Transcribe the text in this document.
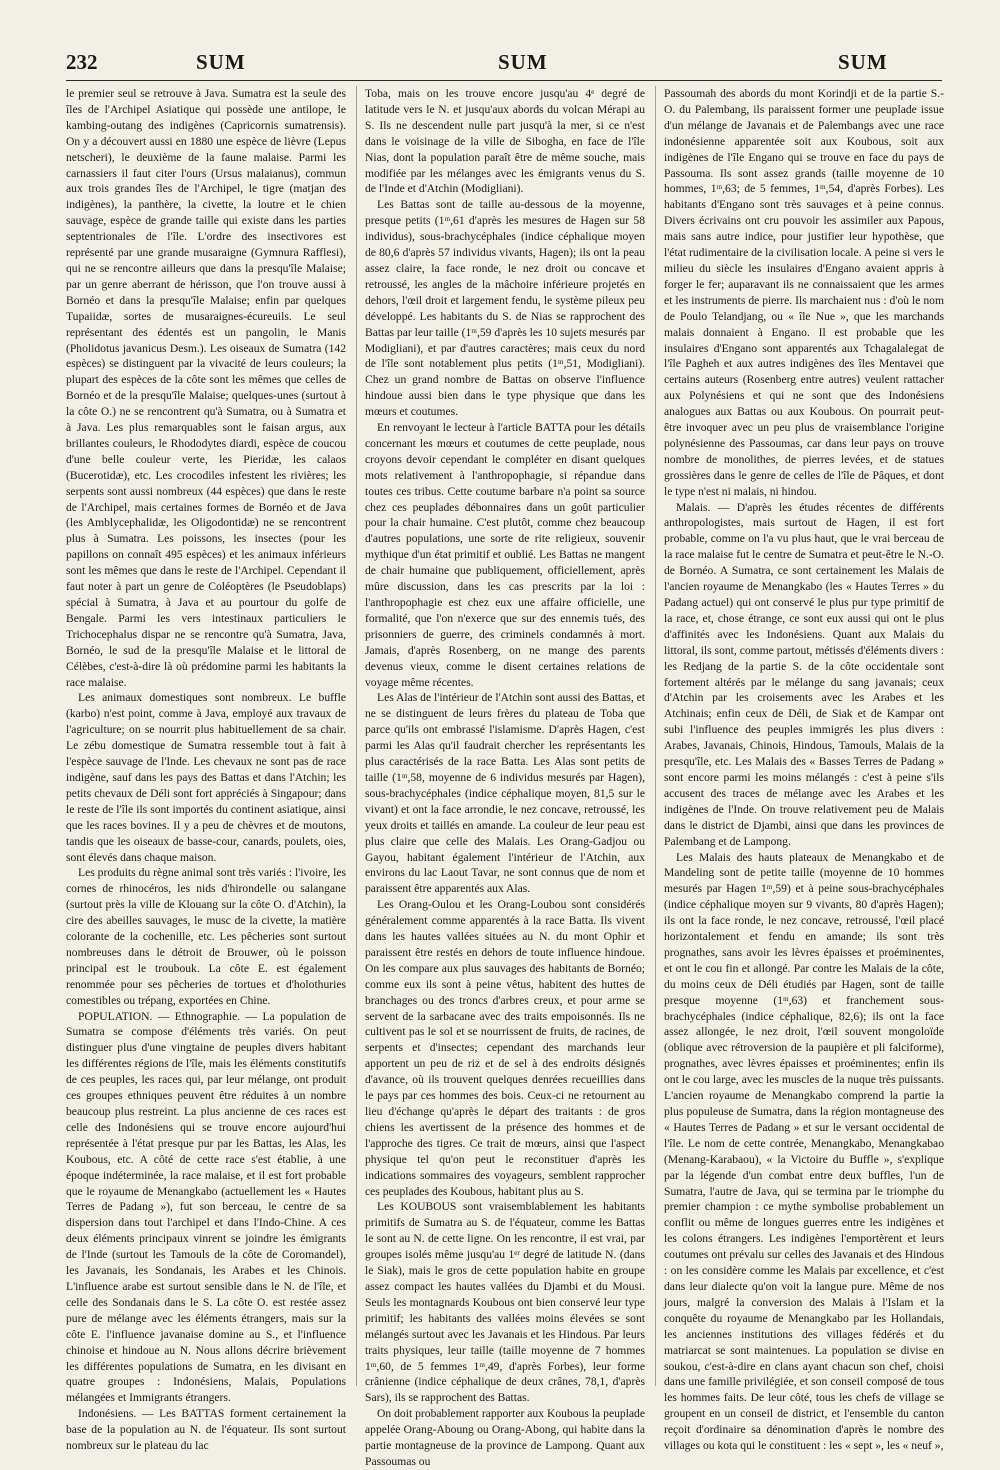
232	SUM	SUM	SUM

le premier seul se retrouve à Java. Sumatra est la seule des îles de l'Archipel Asiatique qui possède une antilope, le kambing-outang des indigènes (Capricornis sumatrensis). On y a découvert aussi en 1880 une espèce de lièvre (Lepus netscheri), le deuxième de la faune malaise. Parmi les carnassiers il faut citer l'ours (Ursus malaianus), commun aux trois grandes îles de l'Archipel, le tigre (matjan des indigènes), la panthère, la civette, la loutre et le chien sauvage, espèce de grande taille qui existe dans les parties septentrionales de l'île. L'ordre des insectivores est représenté par une grande musaraigne (Gymnura Rafflesi), qui ne se rencontre ailleurs que dans la presqu'île Malaise; par un genre aberrant de hérisson, que l'on trouve aussi à Bornéo et dans la presqu'île Malaise; enfin par quelques Tupaiidæ, sortes de musaraignes-écureuils. Le seul représentant des édentés est un pangolin, le Manis (Pholidotus javanicus Desm.). Les oiseaux de Sumatra (142 espèces) se distinguent par la vivacité de leurs couleurs; la plupart des espèces de la côte sont les mêmes que celles de Bornéo et de la presqu'île Malaise; quelques-unes (surtout à la côte O.) ne se rencontrent qu'à Sumatra, ou à Sumatra et à Java. Les plus remarquables sont le faisan argus, aux brillantes couleurs, le Rhododytes diardi, espèce de coucou d'une belle couleur verte, les Pieridæ, les calaos (Bucerotidæ), etc. Les crocodiles infestent les rivières; les serpents sont aussi nombreux (44 espèces) que dans le reste de l'Archipel, mais certaines formes de Bornéo et de Java (les Amblycephalidæ, les Oligodontidæ) ne se rencontrent plus à Sumatra. Les poissons, les insectes (pour les papillons on connaît 495 espèces) et les animaux inférieurs sont les mêmes que dans le reste de l'Archipel. Cependant il faut noter à part un genre de Coléoptères (le Pseudoblaps) spécial à Sumatra, à Java et au pourtour du golfe de Bengale. Parmi les vers intestinaux particuliers le Trichocephalus dispar ne se rencontre qu'à Sumatra, Java, Bornéo, le sud de la presqu'île Malaise et le littoral de Célèbes, c'est-à-dire là où prédomine parmi les habitants la race malaise.

Les animaux domestiques sont nombreux. Le buffle (karbo) n'est point, comme à Java, employé aux travaux de l'agriculture; on se nourrit plus habituellement de sa chair. Le zébu domestique de Sumatra ressemble tout à fait à l'espèce sauvage de l'Inde. Les chevaux ne sont pas de race indigène, sauf dans les pays des Battas et dans l'Atchin; les petits chevaux de Déli sont fort appréciés à Singapour; dans le reste de l'île ils sont importés du continent asiatique, ainsi que les races bovines. Il y a peu de chèvres et de moutons, tandis que les oiseaux de basse-cour, canards, poulets, oies, sont élevés dans chaque maison.

Les produits du règne animal sont très variés : l'ivoire, les cornes de rhinocéros, les nids d'hirondelle ou salangane (surtout près la ville de Klouang sur la côte O. d'Atchin), la cire des abeilles sauvages, le musc de la civette, la matière colorante de la cochenille, etc. Les pêcheries sont surtout nombreuses dans le détroit de Brouwer, où le poisson principal est le troubouk. La côte E. est également renommée pour ses pêcheries de tortues et d'holothuries comestibles ou trépang, exportées en Chine.

POPULATION. — Ethnographie. — La population de Sumatra se compose d'éléments très variés. On peut distinguer plus d'une vingtaine de peuples divers habitant les différentes régions de l'île, mais les éléments constitutifs de ces peuples, les races qui, par leur mélange, ont produit ces groupes ethniques peuvent être réduites à un nombre beaucoup plus restreint. La plus ancienne de ces races est celle des Indonésiens qui se trouve encore aujourd'hui représentée à l'état presque pur par les Battas, les Alas, les Koubous, etc. A côté de cette race s'est établie, à une époque indéterminée, la race malaise, et il est fort probable que le royaume de Menangkabo (actuellement les « Hautes Terres de Padang »), fut son berceau, le centre de sa dispersion dans tout l'archipel et dans l'Indo-Chine. A ces deux éléments principaux vinrent se joindre les émigrants de l'Inde (surtout les Tamouls de la côte de Coromandel), les Javanais, les Sondanais, les Arabes et les Chinois. L'influence arabe est surtout sensible dans le N. de l'île, et celle des Sondanais dans le S. La côte O. est restée assez pure de mélange avec les éléments étrangers, mais sur la côte E. l'influence javanaise domine au S., et l'influence chinoise et hindoue au N. Nous allons décrire brièvement les différentes populations de Sumatra, en les divisant en quatre groupes : Indonésiens, Malais, Populations mélangées et Immigrants étrangers.

Indonésiens. — Les BATTAS forment certainement la base de la population au N. de l'équateur. Ils sont surtout nombreux sur le plateau du lac

Toba, mais on les trouve encore jusqu'au 4ᵉ degré de latitude vers le N. et jusqu'aux abords du volcan Mérapi au S. Ils ne descendent nulle part jusqu'à la mer, si ce n'est dans le voisinage de la ville de Sibogha, en face de l'île Nias, dont la population paraît être de même souche, mais modifiée par les mélanges avec les émigrants venus du S. de l'Inde et d'Atchin (Modigliani).

Les Battas sont de taille au-dessous de la moyenne, presque petits (1ᵐ,61 d'après les mesures de Hagen sur 58 individus), sous-brachycéphales (indice céphalique moyen de 80,6 d'après 57 individus vivants, Hagen); ils ont la peau assez claire, la face ronde, le nez droit ou concave et retroussé, les angles de la mâchoire inférieure projetés en dehors, l'œil droit et largement fendu, le système pileux peu développé. Les habitants du S. de Nias se rapprochent des Battas par leur taille (1ᵐ,59 d'après les 10 sujets mesurés par Modigliani), et par d'autres caractères; mais ceux du nord de l'île sont notablement plus petits (1ᵐ,51, Modigliani). Chez un grand nombre de Battas on observe l'influence hindoue aussi bien dans le type physique que dans les mœurs et coutumes.

En renvoyant le lecteur à l'article BATTA pour les détails concernant les mœurs et coutumes de cette peuplade, nous croyons devoir cependant le compléter en disant quelques mots relativement à l'anthropophagie, si répandue dans toutes ces tribus. Cette coutume barbare n'a point sa source chez ces peuplades débonnaires dans un goût particulier pour la chair humaine. C'est plutôt, comme chez beaucoup d'autres populations, une sorte de rite religieux, souvenir mythique d'un état primitif et oublié. Les Battas ne mangent de chair humaine que publiquement, officiellement, après mûre discussion, dans les cas prescrits par la loi : l'anthropophagie est chez eux une affaire officielle, une formalité, que l'on n'exerce que sur des ennemis tués, des prisonniers de guerre, des criminels condamnés à mort. Jamais, d'après Rosenberg, on ne mange des parents devenus vieux, comme le disent certaines relations de voyage même récentes.

Les Alas de l'intérieur de l'Atchin sont aussi des Battas, et ne se distinguent de leurs frères du plateau de Toba que parce qu'ils ont embrassé l'islamisme. D'après Hagen, c'est parmi les Alas qu'il faudrait chercher les représentants les plus caractérisés de la race Batta. Les Alas sont petits de taille (1ᵐ,58, moyenne de 6 individus mesurés par Hagen), sous-brachycéphales (indice céphalique moyen, 81,5 sur le vivant) et ont la face arrondie, le nez concave, retroussé, les yeux droits et taillés en amande. La couleur de leur peau est plus claire que celle des Malais. Les Orang-Gadjou ou Gayou, habitant également l'intérieur de l'Atchin, aux environs du lac Laout Tavar, ne sont connus que de nom et paraissent être apparentés aux Alas.

Les Orang-Oulou et les Orang-Loubou sont considérés généralement comme apparentés à la race Batta. Ils vivent dans les hautes vallées situées au N. du mont Ophir et paraissent être restés en dehors de toute influence hindoue. On les compare aux plus sauvages des habitants de Bornéo; comme eux ils sont à peine vêtus, habitent des huttes de branchages ou des troncs d'arbres creux, et pour arme se servent de la sarbacane avec des traits empoisonnés. Ils ne cultivent pas le sol et se nourrissent de fruits, de racines, de serpents et d'insectes; cependant des marchands leur apportent un peu de riz et de sel à des endroits désignés d'avance, où ils trouvent quelques denrées recueillies dans le pays par ces hommes des bois. Ceux-ci ne retournent au lieu d'échange qu'après le départ des traitants : de gros chiens les avertissent de la présence des hommes et de l'approche des tigres. Ce trait de mœurs, ainsi que l'aspect physique tel qu'on peut le reconstituer d'après les indications sommaires des voyageurs, semblent rapprocher ces peuplades des Koubous, habitant plus au S.

Les KOUBOUS sont vraisemblablement les habitants primitifs de Sumatra au S. de l'équateur, comme les Battas le sont au N. de cette ligne. On les rencontre, il est vrai, par groupes isolés même jusqu'au 1ᵉʳ degré de latitude N. (dans le Siak), mais le gros de cette population habite en groupe assez compact les hautes vallées du Djambi et du Mousi. Seuls les montagnards Koubous ont bien conservé leur type primitif; les habitants des vallées moins élevées se sont mélangés surtout avec les Javanais et les Hindous. Par leurs traits physiques, leur taille (taille moyenne de 7 hommes 1ᵐ,60, de 5 femmes 1ᵐ,49, d'après Forbes), leur forme crânienne (indice céphalique de deux crânes, 78,1, d'après Sars), ils se rapprochent des Battas.

On doit probablement rapporter aux Koubous la peuplade appelée Orang-Aboung ou Orang-Abong, qui habite dans la partie montagneuse de la province de Lampong. Quant aux Passoumas ou

Passoumah des abords du mont Korindji et de la partie S.-O. du Palembang, ils paraissent former une peuplade issue d'un mélange de Javanais et de Palembangs avec une race indonésienne apparentée soit aux Koubous, soit aux indigènes de l'île Engano qui se trouve en face du pays de Passouma. Ils sont assez grands (taille moyenne de 10 hommes, 1ᵐ,63; de 5 femmes, 1ᵐ,54, d'après Forbes). Les habitants d'Engano sont très sauvages et à peine connus. Divers écrivains ont cru pouvoir les assimiler aux Papous, mais sans autre indice, pour justifier leur hypothèse, que l'état rudimentaire de la civilisation locale. A peine si vers le milieu du siècle les insulaires d'Engano avaient appris à forger le fer; auparavant ils ne connaissaient que les armes et les instruments de pierre. Ils marchaient nus : d'où le nom de Poulo Telandjang, ou « île Nue », que les marchands malais donnaient à Engano. Il est probable que les insulaires d'Engano sont apparentés aux Tchagalalegat de l'île Pagheh et aux autres indigènes des îles Mentavei que certains auteurs (Rosenberg entre autres) veulent rattacher aux Polynésiens et qui ne sont que des Indonésiens analogues aux Battas ou aux Koubous. On pourrait peut-être invoquer avec un peu plus de vraisemblance l'origine polynésienne des Passoumas, car dans leur pays on trouve nombre de monolithes, de pierres levées, et de statues grossières dans le genre de celles de l'île de Pâques, et dont le type n'est ni malais, ni hindou.

Malais. — D'après les études récentes de différents anthropologistes, mais surtout de Hagen, il est fort probable, comme on l'a vu plus haut, que le vrai berceau de la race malaise fut le centre de Sumatra et peut-être le N.-O. de Bornéo. A Sumatra, ce sont certainement les Malais de l'ancien royaume de Menangkabo (les « Hautes Terres » du Padang actuel) qui ont conservé le plus pur type primitif de la race, et, chose étrange, ce sont eux aussi qui ont le plus d'affinités avec les Indonésiens. Quant aux Malais du littoral, ils sont, comme partout, métissés d'éléments divers : les Redjang de la partie S. de la côte occidentale sont fortement altérés par le mélange du sang javanais; ceux d'Atchin par les croisements avec les Arabes et les Atchinais; enfin ceux de Déli, de Siak et de Kampar ont subi l'influence des peuples immigrés les plus divers : Arabes, Javanais, Chinois, Hindous, Tamouls, Malais de la presqu'île, etc. Les Malais des « Basses Terres de Padang » sont encore parmi les moins mélangés : c'est à peine s'ils accusent des traces de mélange avec les Arabes et les indigènes de l'Inde. On trouve relativement peu de Malais dans le district de Djambi, ainsi que dans les provinces de Palembang et de Lampong.

Les Malais des hauts plateaux de Menangkabo et de Mandeling sont de petite taille (moyenne de 10 hommes mesurés par Hagen 1ᵐ,59) et à peine sous-brachycéphales (indice céphalique moyen sur 9 vivants, 80 d'après Hagen); ils ont la face ronde, le nez concave, retroussé, l'œil placé horizontalement et fendu en amande; ils sont très prognathes, sans avoir les lèvres épaisses et proéminentes, et ont le cou fin et allongé. Par contre les Malais de la côte, du moins ceux de Déli étudiés par Hagen, sont de taille presque moyenne (1ᵐ,63) et franchement sous-brachycéphales (indice céphalique, 82,6); ils ont la face assez allongée, le nez droit, l'œil souvent mongoloïde (oblique avec rétroversion de la paupière et pli falciforme), prognathes, avec lèvres épaisses et proéminentes; enfin ils ont le cou large, avec les muscles de la nuque très puissants. L'ancien royaume de Menangkabo comprend la partie la plus populeuse de Sumatra, dans la région montagneuse des « Hautes Terres de Padang » et sur le versant occidental de l'île. Le nom de cette contrée, Menangkabo, Menangkabao (Menang-Karabaou), « la Victoire du Buffle », s'explique par la légende d'un combat entre deux buffles, l'un de Sumatra, l'autre de Java, qui se termina par le triomphe du premier champion : ce mythe symbolise probablement un conflit ou même de longues guerres entre les indigènes et les colons étrangers. Les indigènes l'emportèrent et leurs coutumes ont prévalu sur celles des Javanais et des Hindous : on les considère comme les Malais par excellence, et c'est dans leur dialecte qu'on voit la langue pure. Même de nos jours, malgré la conversion des Malais à l'Islam et la conquête du royaume de Menangkabo par les Hollandais, les anciennes institutions des villages fédérés et du matriarcat se sont maintenues. La population se divise en soukou, c'est-à-dire en clans ayant chacun son chef, choisi dans une famille privilégiée, et son conseil composé de tous les hommes faits. De leur côté, tous les chefs de village se groupent en un conseil de district, et l'ensemble du canton reçoit d'ordinaire sa dénomination d'après le nombre des villages ou kota qui le constituent : les « sept », les « neuf »,
